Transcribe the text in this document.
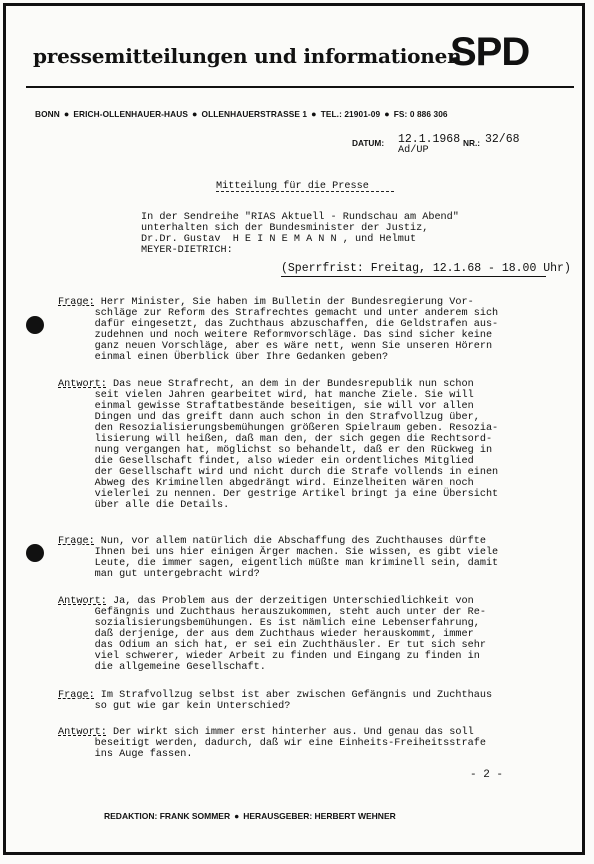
pressemitteilungen und informationen
SPD
BONN ● ERICH-OLLENHAUER-HAUS ● OLLENHAUERSTRASSE 1 ● TEL.: 21901-09 ● FS: 0 886 306
DATUM: 12.1.1968 NR.: 32/68
Ad/UP
Mitteilung für die Presse
In der Sendreihe "RIAS Aktuell - Rundschau am Abend"
unterhalten sich der Bundesminister der Justiz,
Dr.Dr. Gustav  H E I N E M A N N , und Helmut
MEYER-DIETRICH:
(Sperrfrist: Freitag, 12.1.68 - 18.00 Uhr)
Frage: Herr Minister, Sie haben im Bulletin der Bundesregierung Vor-
schläge zur Reform des Strafrechtes gemacht und unter anderem sich
dafür eingesetzt, das Zuchthaus abzuschaffen, die Geldstrafen aus-
zudehnen und noch weitere Reformvorschläge. Das sind sicher keine
ganz neuen Vorschläge, aber es wäre nett, wenn Sie unseren Hörern
einmal einen Überblick über Ihre Gedanken geben?
Antwort: Das neue Strafrecht, an dem in der Bundesrepublik nun schon
seit vielen Jahren gearbeitet wird, hat manche Ziele. Sie will
einmal gewisse Straftatbestände beseitigen, sie will vor allen
Dingen und das greift dann auch schon in den Strafvollzug über,
den Resozialisierungsbemühungen größeren Spielraum geben. Resozia-
lisierung will heißen, daß man den, der sich gegen die Rechtsord-
nung vergangen hat, möglichst so behandelt, daß er den Rückweg in
die Gesellschaft findet, also wieder ein ordentliches Mitglied
der Gesellschaft wird und nicht durch die Strafe vollends in einen
Abweg des Kriminellen abgedrängt wird. Einzelheiten wären noch
vielerlei zu nennen. Der gestrige Artikel bringt ja eine Übersicht
über alle die Details.
Frage: Nun, vor allem natürlich die Abschaffung des Zuchthauses dürfte
Ihnen bei uns hier einigen Ärger machen. Sie wissen, es gibt viele
Leute, die immer sagen, eigentlich müßte man kriminell sein, damit
man gut untergebracht wird?
Antwort: Ja, das Problem aus der derzeitigen Unterschiedlichkeit von
Gefängnis und Zuchthaus herauszukommen, steht auch unter der Re-
sozialisierungsbemühungen. Es ist nämlich eine Lebenserfahrung,
daß derjenige, der aus dem Zuchthaus wieder herauskommt, immer
das Odium an sich hat, er sei ein Zuchthäusler. Er tut sich sehr
viel schwerer, wieder Arbeit zu finden und Eingang zu finden in
die allgemeine Gesellschaft.
Frage: Im Strafvollzug selbst ist aber zwischen Gefängnis und Zuchthaus
so gut wie gar kein Unterschied?
Antwort: Der wirkt sich immer erst hinterher aus. Und genau das soll
beseitigt werden, dadurch, daß wir eine Einheits-Freiheitsstrafe
ins Auge fassen.
- 2 -
REDAKTION: FRANK SOMMER ● HERAUSGEBER: HERBERT WEHNER
